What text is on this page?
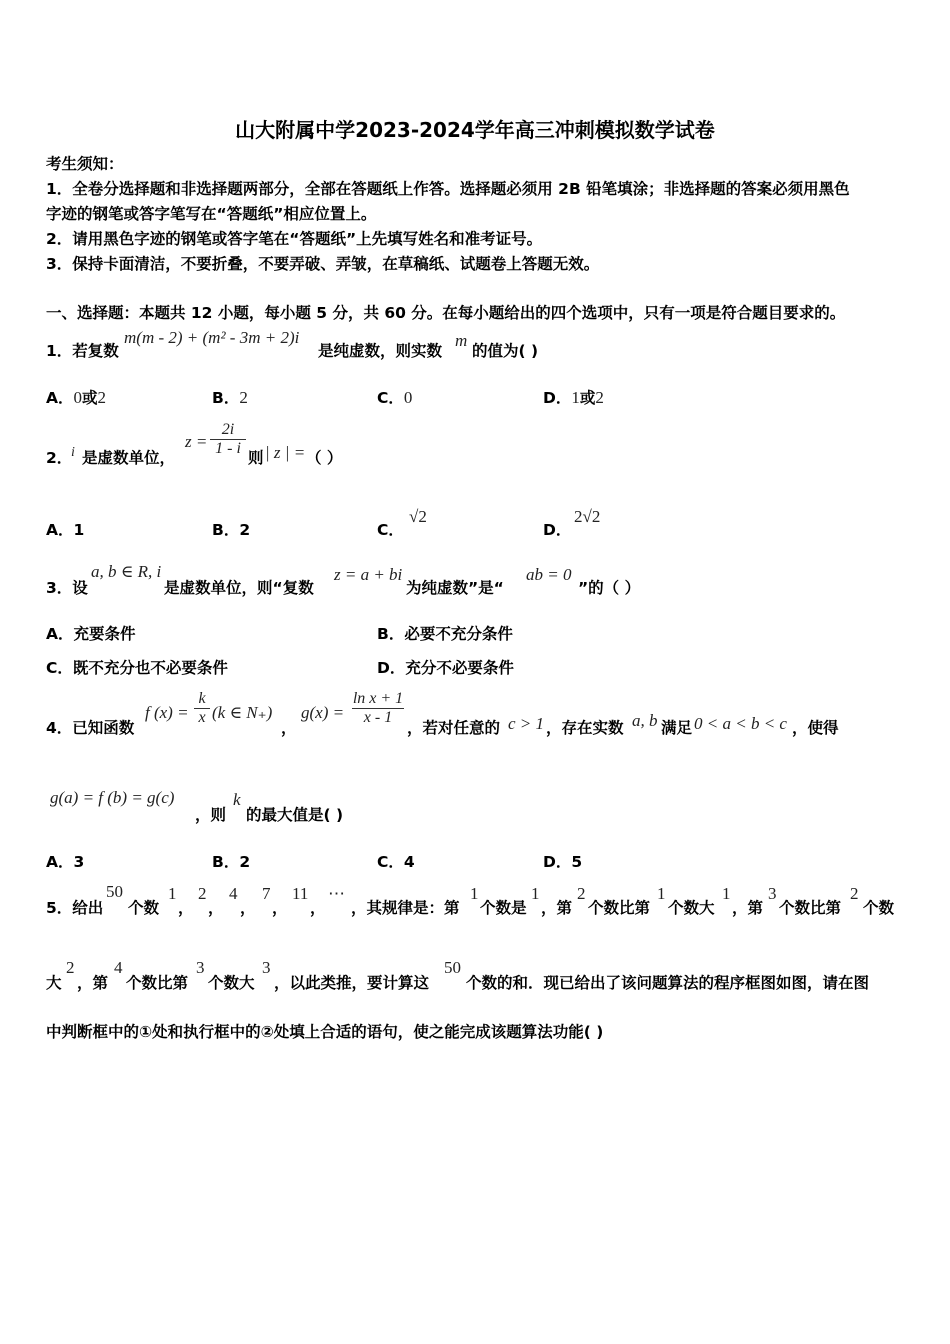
山大附属中学2023-2024学年高三冲刺模拟数学试卷
考生须知：
1．全卷分选择题和非选择题两部分，全部在答题纸上作答。选择题必须用 2B 铅笔填涂；非选择题的答案必须用黑色
字迹的钢笔或答字笔写在“答题纸”相应位置上。
2．请用黑色字迹的钢笔或答字笔在“答题纸”上先填写姓名和准考证号。
3．保持卡面清洁，不要折叠，不要弄破、弄皱，在草稿纸、试题卷上答题无效。
一、选择题：本题共 12 小题，每小题 5 分，共 60 分。在每小题给出的四个选项中，只有一项是符合题目要求的。
1．若复数
m(m - 2) + (m² - 3m + 2)i
是纯虚数，则实数
m
的值为( )
A．0或2	B．2	C．0	D．1或2
2．
i 是虚数单位，
$z = \frac{2i}{1 - i}$ 则 | z | = （ ）
A．1	B．2	C．
√2
D．
2√2
3．设
a, b ∈ R, i
是虚数单位，则“复数
z = a + bi
为纯虚数”是“
ab = 0
”的（ ）
A．充要条件	B．必要不充分条件
C．既不充分也不必要条件	D．充分不必要条件
4．已知函数
f $(x) = \frac{k}{x} (k$ ∈ N₊)
，
$g(x) = \frac{\text{ln x + 1}}{x - 1}$
，若对任意的 c > 1 ，存在实数 a, b 满足 0 < a < b < c ，使得
g(a) = f (b) = g(c)
，则
k
的最大值是( )
A．3	B．2	C．4	D．5
5．给出
50
个数
1
，
2
，
4
，
7
，
11
，
⋯
，其规律是：第
1
个数是
1
，第
2
个数比第
1
个数大
1
，第
3
个数比第
2
个数
大
2
，第
4
个数比第
3
个数大
3
，以此类推，要计算这
50
个数的和．现已给出了该问题算法的程序框图如图，请在图
中判断框中的①处和执行框中的②处填上合适的语句，使之能完成该题算法功能( )
